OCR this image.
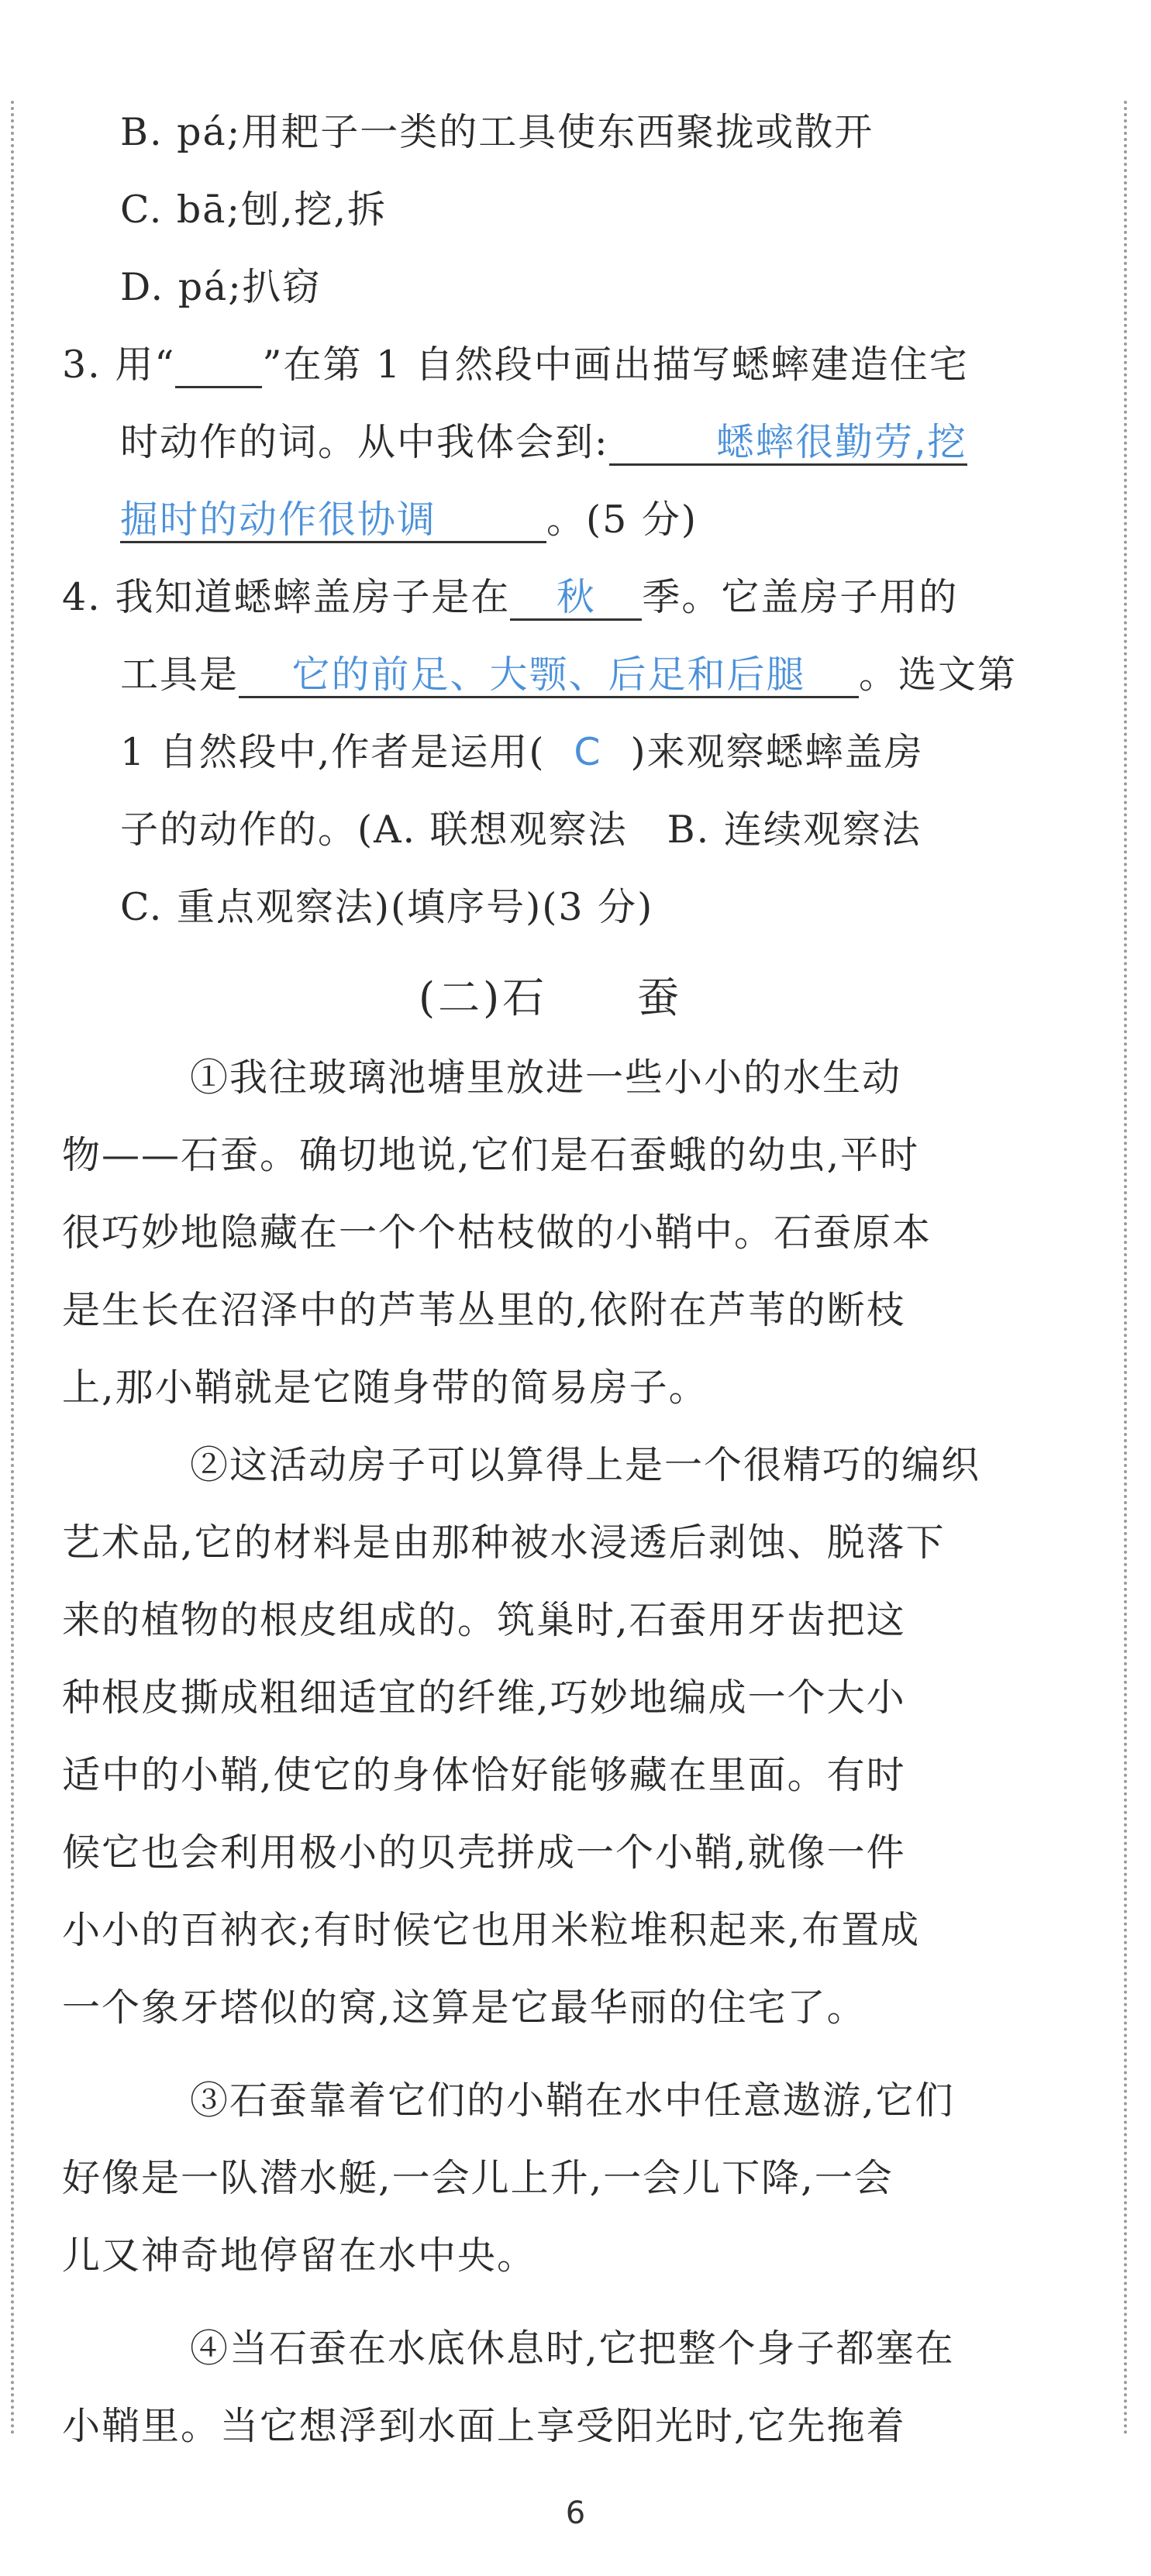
B. pá;用耙子一类的工具使东西聚拢或散开
C. bā;刨,挖,拆
D. pá;扒窃
3. 用“ ”在第 1 自然段中画出描写蟋蟀建造住宅
时动作的词。从中我体会到:	蟋蟀很勤劳,挖
掘时的动作很协调	。(5 分)
4. 我知道蟋蟀盖房子是在 秋 季。它盖房子用的
工具是 它的前足、大颚、后足和后腿 。选文第
1 自然段中,作者是运用( C )来观察蟋蟀盖房
子的动作的。(A. 联想观察法　B. 连续观察法
C. 重点观察法)(填序号)(3 分)
(二)石　　蚕
①我往玻璃池塘里放进一些小小的水生动
物——石蚕。确切地说,它们是石蚕蛾的幼虫,平时
很巧妙地隐藏在一个个枯枝做的小鞘中。石蚕原本
是生长在沼泽中的芦苇丛里的,依附在芦苇的断枝
上,那小鞘就是它随身带的简易房子。
②这活动房子可以算得上是一个很精巧的编织
艺术品,它的材料是由那种被水浸透后剥蚀、脱落下
来的植物的根皮组成的。筑巢时,石蚕用牙齿把这
种根皮撕成粗细适宜的纤维,巧妙地编成一个大小
适中的小鞘,使它的身体恰好能够藏在里面。有时
候它也会利用极小的贝壳拼成一个小鞘,就像一件
小小的百衲衣;有时候它也用米粒堆积起来,布置成
一个象牙塔似的窝,这算是它最华丽的住宅了。
③石蚕靠着它们的小鞘在水中任意遨游,它们
好像是一队潜水艇,一会儿上升,一会儿下降,一会
儿又神奇地停留在水中央。
④当石蚕在水底休息时,它把整个身子都塞在
小鞘里。当它想浮到水面上享受阳光时,它先拖着
6
